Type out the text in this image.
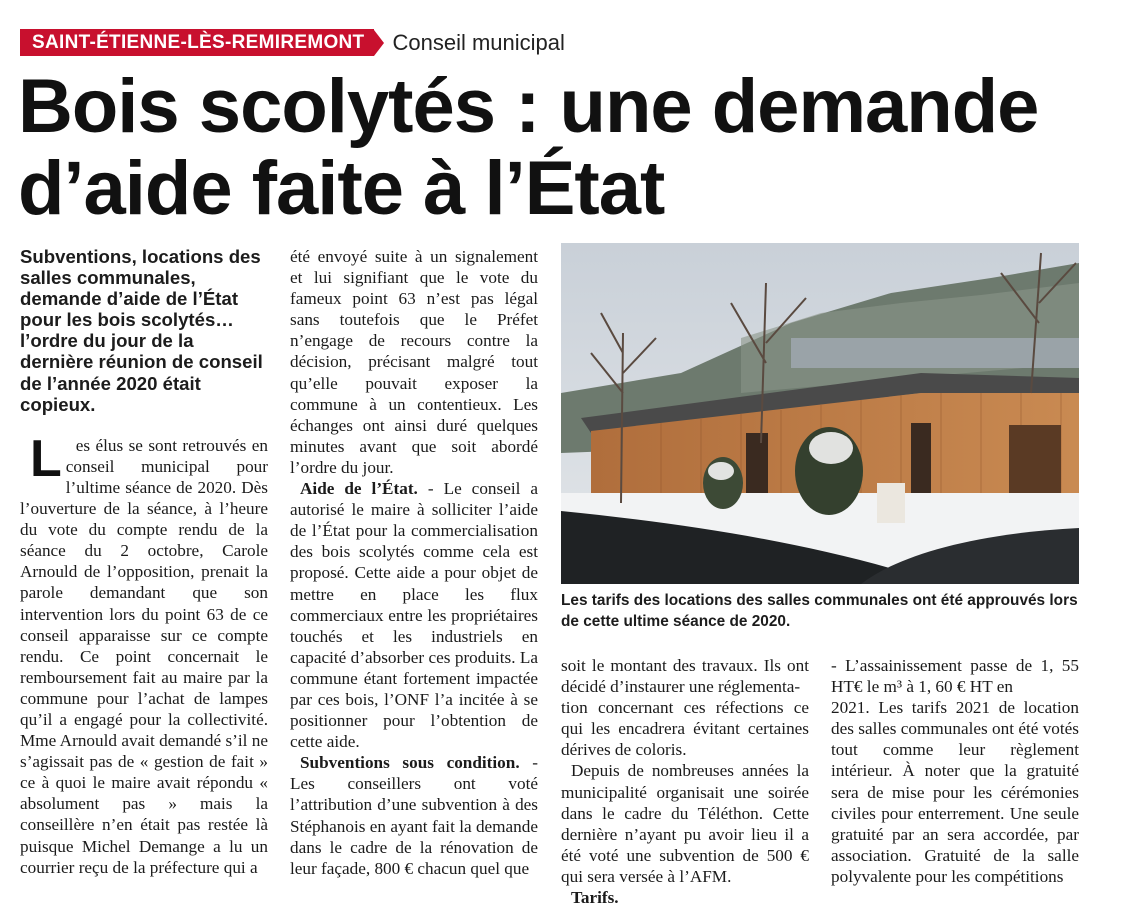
SAINT-ÉTIENNE-LÈS-REMIREMONT	Conseil municipal
Bois scolytés : une demande d’aide faite à l’État

Subventions, locations des salles communales, demande d’aide de l’État pour les bois scolytés… l’ordre du jour de la dernière réunion de conseil de l’année 2020 était copieux.

Les élus se sont retrouvés en conseil municipal pour l’ultime séance de 2020. Dès l’ouverture de la séance, à l’heure du vote du compte rendu de la séance du 2 octobre, Carole Arnould de l’opposition, prenait la parole demandant que son intervention lors du point 63 de ce conseil apparaisse sur ce compte rendu. Ce point concernait le remboursement fait au maire par la commune pour l’achat de lampes qu’il a engagé pour la collectivité. Mme Arnould avait demandé s’il ne s’agissait pas de « gestion de fait » ce à quoi le maire avait répondu « absolument pas » mais la conseillère n’en était pas restée là puisque Michel Demange a lu un courrier reçu de la préfecture qui a

été envoyé suite à un signalement et lui signifiant que le vote du fameux point 63 n’est pas légal sans toutefois que le Préfet n’engage de recours contre la décision, précisant malgré tout qu’elle pouvait exposer la commune à un contentieux. Les échanges ont ainsi duré quelques minutes avant que soit abordé l’ordre du jour.

Aide de l’État. - Le conseil a autorisé le maire à solliciter l’aide de l’État pour la commercialisation des bois scolytés comme cela est proposé. Cette aide a pour objet de mettre en place les flux commerciaux entre les propriétaires touchés et les industriels en capacité d’absorber ces produits. La commune étant fortement impactée par ces bois, l’ONF l’a incitée à se positionner pour l’obtention de cette aide.

Subventions sous condition. - Les conseillers ont voté l’attribution d’une subvention à des Stéphanois en ayant fait la demande dans le cadre de la rénovation de leur façade, 800 € chacun quel que

Les tarifs des locations des salles communales ont été approuvés lors de cette ultime séance de 2020.

soit le montant des travaux. Ils ont décidé d’instaurer une réglementa-

tion concernant ces réfections ce qui les encadrera évitant certaines dérives de coloris.

Depuis de nombreuses années la municipalité organisait une soirée dans le cadre du Téléthon. Cette dernière n’ayant pu avoir lieu il a été voté une subvention de 500 € qui sera versée à l’AFM.

Tarifs.

- L’assainissement passe de 1, 55 HT€ le m³ à 1, 60 € HT en

2021. Les tarifs 2021 de location des salles communales ont été votés tout comme leur règlement intérieur. À noter que la gratuité sera de mise pour les cérémonies civiles pour enterrement. Une seule gratuité par an sera accordée, par association. Gratuité de la salle polyvalente pour les compétitions
